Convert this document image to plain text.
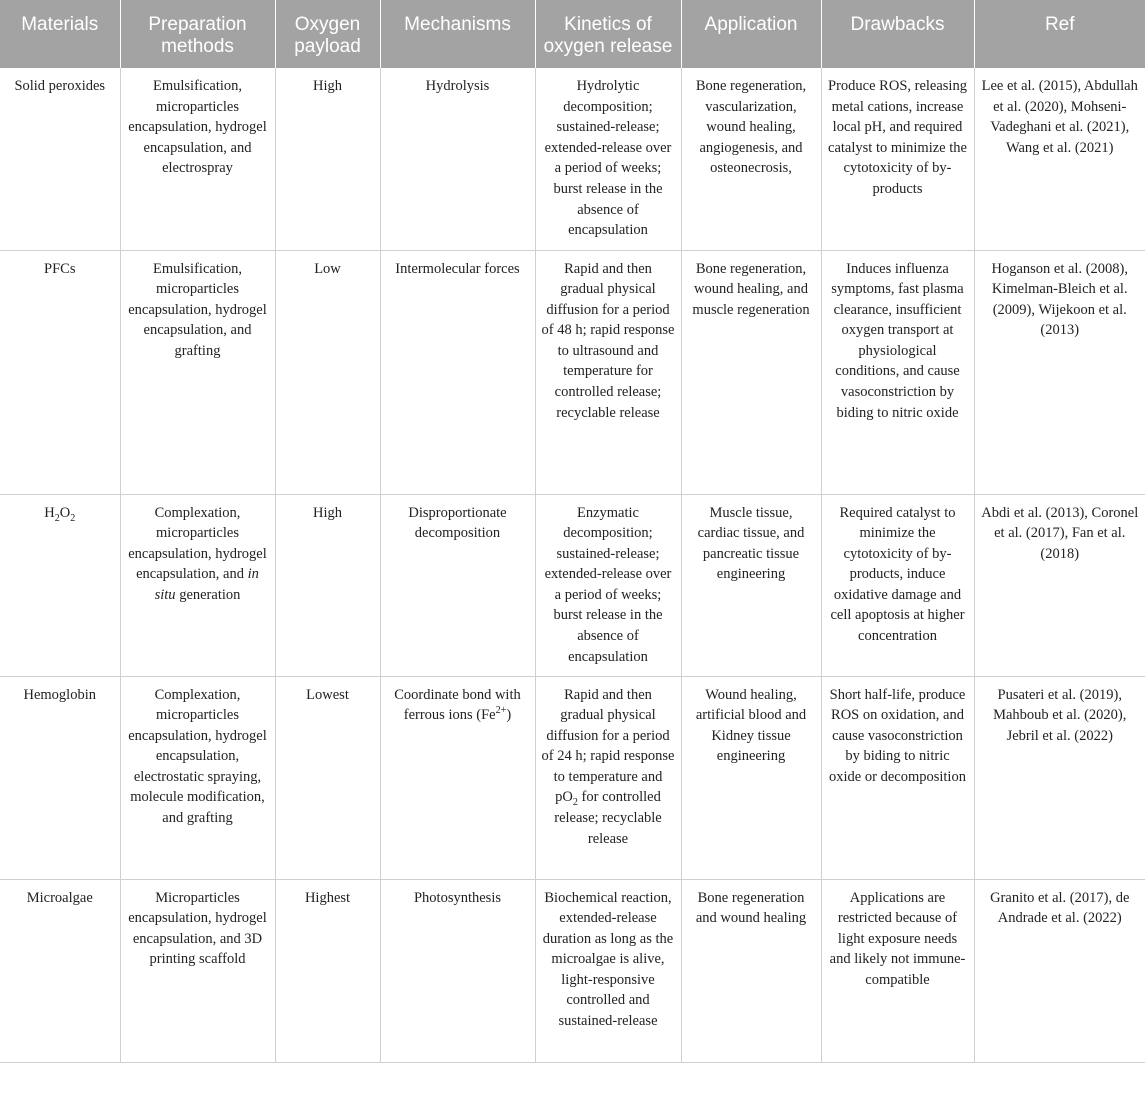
Materials	Preparation methods	Oxygen payload	Mechanisms	Kinetics of oxygen release	Application	Drawbacks	Ref
Solid peroxides	Emulsification, microparticles encapsulation, hydrogel encapsulation, and electrospray	High	Hydrolysis	Hydrolytic decomposition; sustained-release; extended-release over a period of weeks; burst release in the absence of encapsulation	Bone regeneration, vascularization, wound healing, angiogenesis, and osteonecrosis,	Produce ROS, releasing metal cations, increase local pH, and required catalyst to minimize the cytotoxicity of by-products	Lee et al. (2015), Abdullah et al. (2020), Mohseni-Vadeghani et al. (2021), Wang et al. (2021)
PFCs	Emulsification, microparticles encapsulation, hydrogel encapsulation, and grafting	Low	Intermolecular forces	Rapid and then gradual physical diffusion for a period of 48 h; rapid response to ultrasound and temperature for controlled release; recyclable release	Bone regeneration, wound healing, and muscle regeneration	Induces influenza symptoms, fast plasma clearance, insufficient oxygen transport at physiological conditions, and cause vasoconstriction by biding to nitric oxide	Hoganson et al. (2008), Kimelman-Bleich et al. (2009), Wijekoon et al. (2013)
$H_2O_2$	Complexation, microparticles encapsulation, hydrogel encapsulation, and in situ generation	High	Disproportionate decomposition	Enzymatic decomposition; sustained-release; extended-release over a period of weeks; burst release in the absence of encapsulation	Muscle tissue, cardiac tissue, and pancreatic tissue engineering	Required catalyst to minimize the cytotoxicity of by-products, induce oxidative damage and cell apoptosis at higher concentration	Abdi et al. (2013), Coronel et al. (2017), Fan et al. (2018)
Hemoglobin	Complexation, microparticles encapsulation, hydrogel encapsulation, electrostatic spraying, molecule modification, and grafting	Lowest	Coordinate bond with ferrous ions $(Fe^{2+})$	Rapid and then gradual physical diffusion for a period of 24 h; rapid response to temperature and $pO_2$ for controlled release; recyclable release	Wound healing, artificial blood and Kidney tissue engineering	Short half-life, produce ROS on oxidation, and cause vasoconstriction by biding to nitric oxide or decomposition	Pusateri et al. (2019), Mahboub et al. (2020), Jebril et al. (2022)
Microalgae	Microparticles encapsulation, hydrogel encapsulation, and 3D printing scaffold	Highest	Photosynthesis	Biochemical reaction, extended-release duration as long as the microalgae is alive, light-responsive controlled and sustained-release	Bone regeneration and wound healing	Applications are restricted because of light exposure needs and likely not immune-compatible	Granito et al. (2017), de Andrade et al. (2022)
